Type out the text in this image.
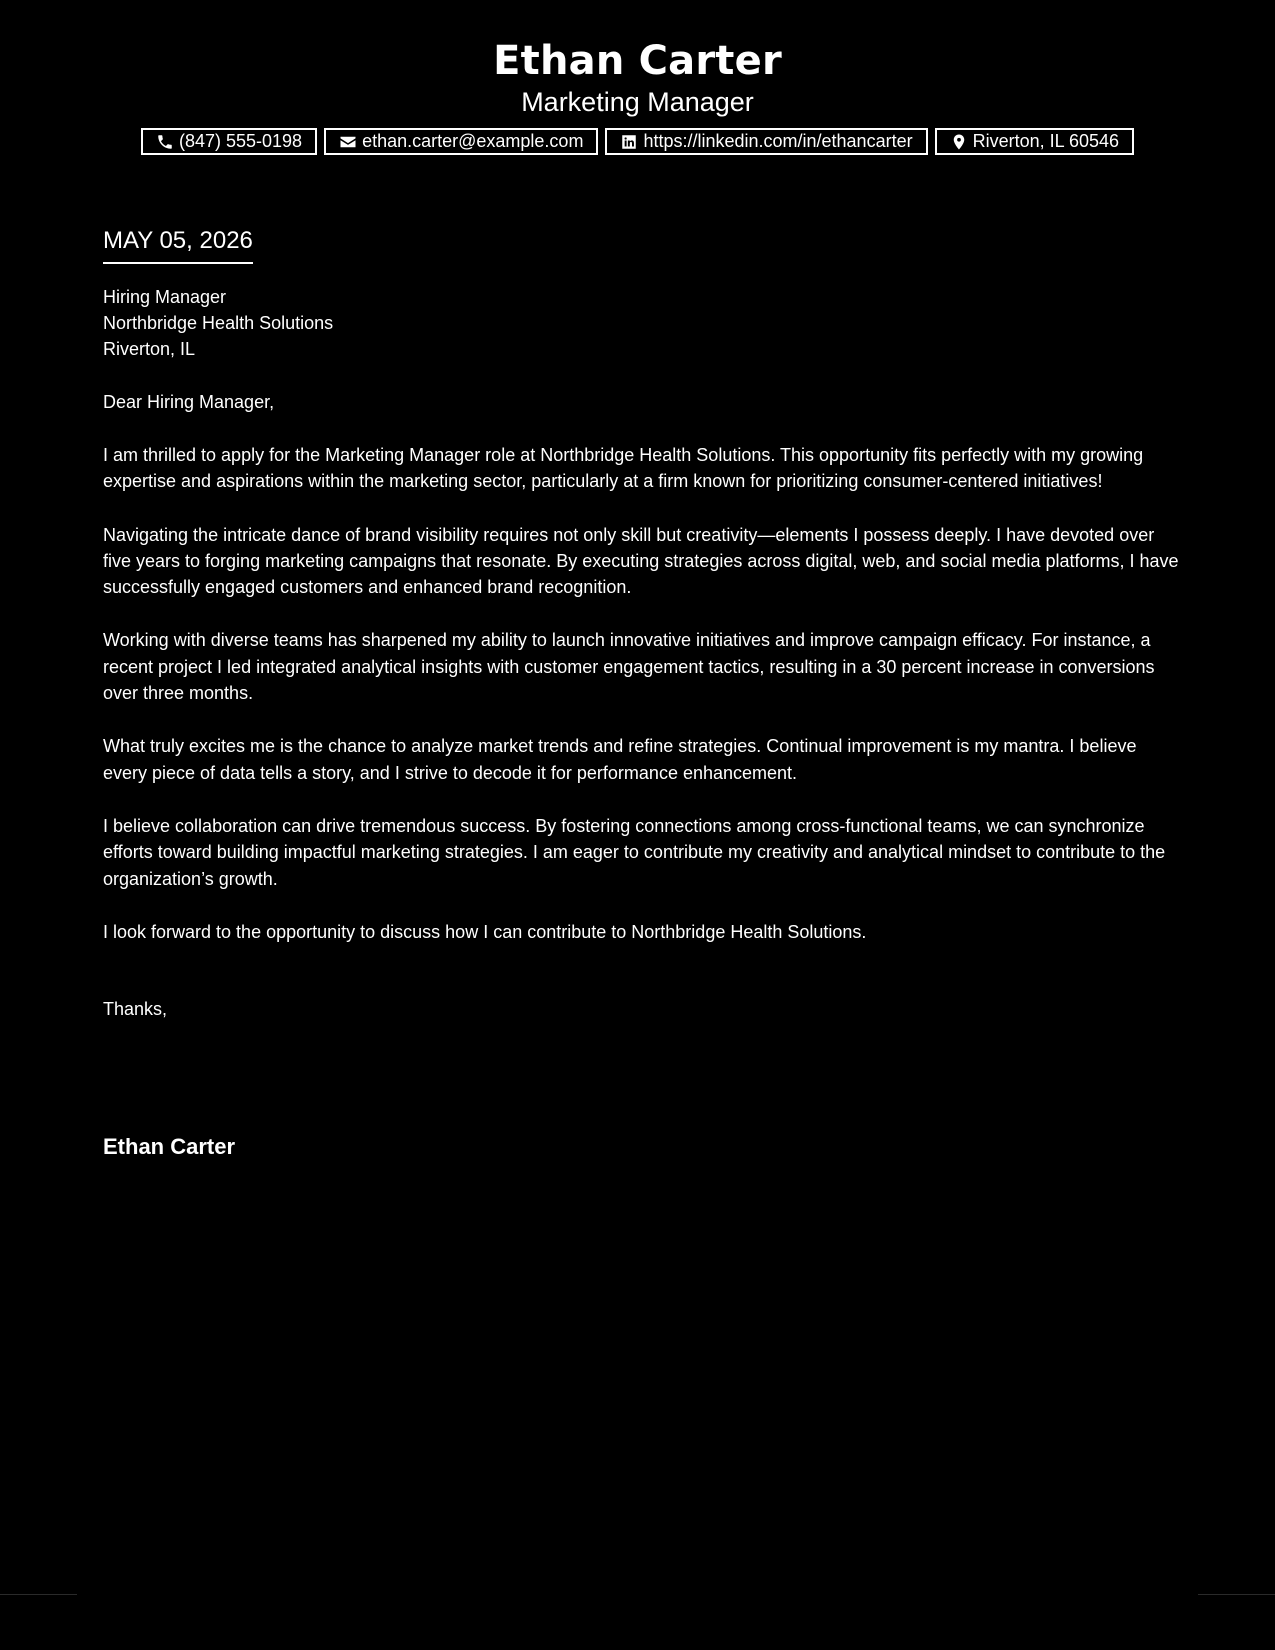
Ethan Carter
Marketing Manager
(847) 555-0198	ethan.carter@example.com	https://linkedin.com/in/ethancarter	Riverton, IL 60546
MAY 05, 2026
Hiring Manager
Northbridge Health Solutions
Riverton, IL
Dear Hiring Manager,

I am thrilled to apply for the Marketing Manager role at Northbridge Health Solutions. This opportunity fits perfectly with my growing expertise and aspirations within the marketing sector, particularly at a firm known for prioritizing consumer-centered initiatives!

Navigating the intricate dance of brand visibility requires not only skill but creativity—elements I possess deeply. I have devoted over five years to forging marketing campaigns that resonate. By executing strategies across digital, web, and social media platforms, I have successfully engaged customers and enhanced brand recognition.

Working with diverse teams has sharpened my ability to launch innovative initiatives and improve campaign efficacy. For instance, a recent project I led integrated analytical insights with customer engagement tactics, resulting in a 30 percent increase in conversions over three months.

What truly excites me is the chance to analyze market trends and refine strategies. Continual improvement is my mantra. I believe every piece of data tells a story, and I strive to decode it for performance enhancement.

I believe collaboration can drive tremendous success. By fostering connections among cross-functional teams, we can synchronize efforts toward building impactful marketing strategies. I am eager to contribute my creativity and analytical mindset to contribute to the organization’s growth.

I look forward to the opportunity to discuss how I can contribute to Northbridge Health Solutions.

Thanks,
Ethan Carter
